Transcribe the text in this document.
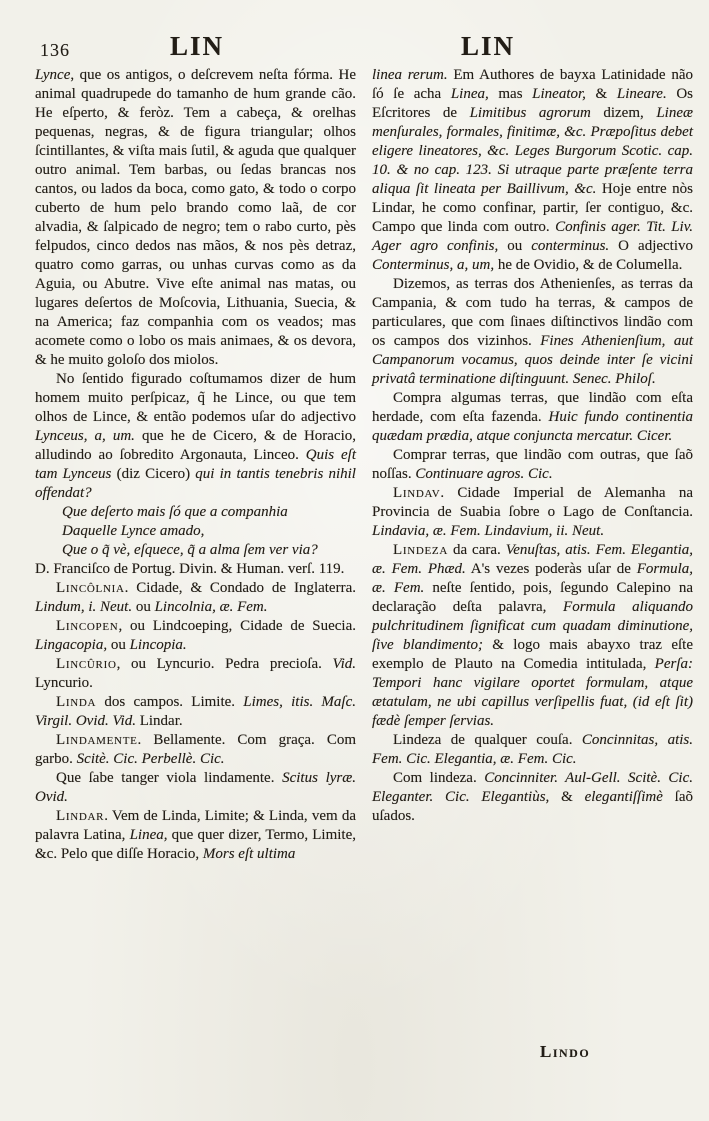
136	LIN	LIN

Lynce, que os antigos, o deſcrevem neſta fórma. He animal quadrupede do tamanho de hum grande cão. He eſperto, & feròz. Tem a cabeça, & orelhas pequenas, negras, & de figura triangular; olhos ſcintillantes, & viſta mais ſutil, & aguda que qualquer outro animal. Tem barbas, ou ſedas brancas nos cantos, ou lados da boca, como gato, & todo o corpo cuberto de hum pelo brando como laã, de cor alvadia, & ſalpicado de negro; tem o rabo curto, pès felpudos, cinco dedos nas mãos, & nos pès detraz, quatro como garras, ou unhas curvas como as da Aguia, ou Abutre. Vive eſte animal nas matas, ou lugares deſertos de Moſcovia, Lithuania, Suecia, & na America; faz companhia com os veados; mas acomete como o lobo os mais animaes, & os devora, & he muito goloſo dos miolos.

No ſentido figurado coſtumamos dizer de hum homem muito perſpicaz, q̃ he Lince, ou que tem olhos de Lince, & então podemos uſar do adjectivo Lynceus, a, um. que he de Cicero, & de Horacio, alludindo ao ſobredito Argonauta, Linceo. Quis eſt tam Lynceus (diz Cicero) qui in tantis tenebris nihil offendat?

Que deſerto mais ſó que a companhia

Daquelle Lynce amado,

Que o q̃ vè, eſquece, q̃ a alma ſem ver via?

D. Franciſco de Portug. Divin. & Human. verſ. 119.

Lincôlnia. Cidade, & Condado de Inglaterra. Lindum, i. Neut. ou Lincolnia, æ. Fem.

Lincopen, ou Lindcoeping, Cidade de Suecia. Lingacopia, ou Lincopia.

Lincûrio, ou Lyncurio. Pedra precioſa. Vid. Lyncurio.

Linda dos campos. Limite. Limes, itis. Maſc. Virgil. Ovid. Vid. Lindar.

Lindamente. Bellamente. Com graça. Com garbo. Scitè. Cic. Perbellè. Cic.

Que ſabe tanger viola lindamente. Scitus lyræ. Ovid.

Lindar. Vem de Linda, Limite; & Linda, vem da palavra Latina, Linea, que quer dizer, Termo, Limite, &c. Pelo que diſſe Horacio, Mors eſt ultima

linea rerum. Em Authores de bayxa Latinidade não ſó ſe acha Linea, mas Lineator, & Lineare. Os Eſcritores de Limitibus agrorum dizem, Lineæ menſurales, formales, finitimæ, &c. Præpoſitus debet eligere lineatores, &c. Leges Burgorum Scotic. cap. 10. & no cap. 123. Si utraque parte præſente terra aliqua ſit lineata per Baillivum, &c. Hoje entre nòs Lindar, he como confinar, partir, ſer contiguo, &c. Campo que linda com outro. Confinis ager. Tit. Liv. Ager agro confinis, ou conterminus. O adjectivo Conterminus, a, um, he de Ovidio, & de Columella.

Dizemos, as terras dos Athenienſes, as terras da Campania, & com tudo ha terras, & campos de particulares, que com ſinaes diſtinctivos lindão com os campos dos vizinhos. Fines Athenienſium, aut Campanorum vocamus, quos deinde inter ſe vicini privatâ terminatione diſtinguunt. Senec. Philoſ.

Compra algumas terras, que lindão com eſta herdade, com eſta fazenda. Huic fundo continentia quædam prædia, atque conjuncta mercatur. Cicer.

Comprar terras, que lindão com outras, que ſaõ noſſas. Continuare agros. Cic.

Lindav. Cidade Imperial de Alemanha na Provincia de Suabia ſobre o Lago de Conſtancia. Lindavia, æ. Fem. Lindavium, ii. Neut.

Lindeza da cara. Venuſtas, atis. Fem. Elegantia, æ. Fem. Phæd. A's vezes poderàs uſar de Formula, æ. Fem. neſte ſentido, pois, ſegundo Calepino na declaração deſta palavra, Formula aliquando pulchritudinem ſignificat cum quadam diminutione, ſive blandimento; & logo mais abayxo traz eſte exemplo de Plauto na Comedia intitulada, Perſa: Tempori hanc vigilare oportet formulam, atque ætatulam, ne ubi capillus verſipellis fuat, (id eſt ſit) fædè ſemper ſervias.

Lindeza de qualquer couſa. Concinnitas, atis. Fem. Cic. Elegantia, æ. Fem. Cic.

Com lindeza. Concinniter. Aul-Gell. Scitè. Cic. Eleganter. Cic. Elegantiùs, & elegantiſſimè ſaõ uſados.

Lindo
